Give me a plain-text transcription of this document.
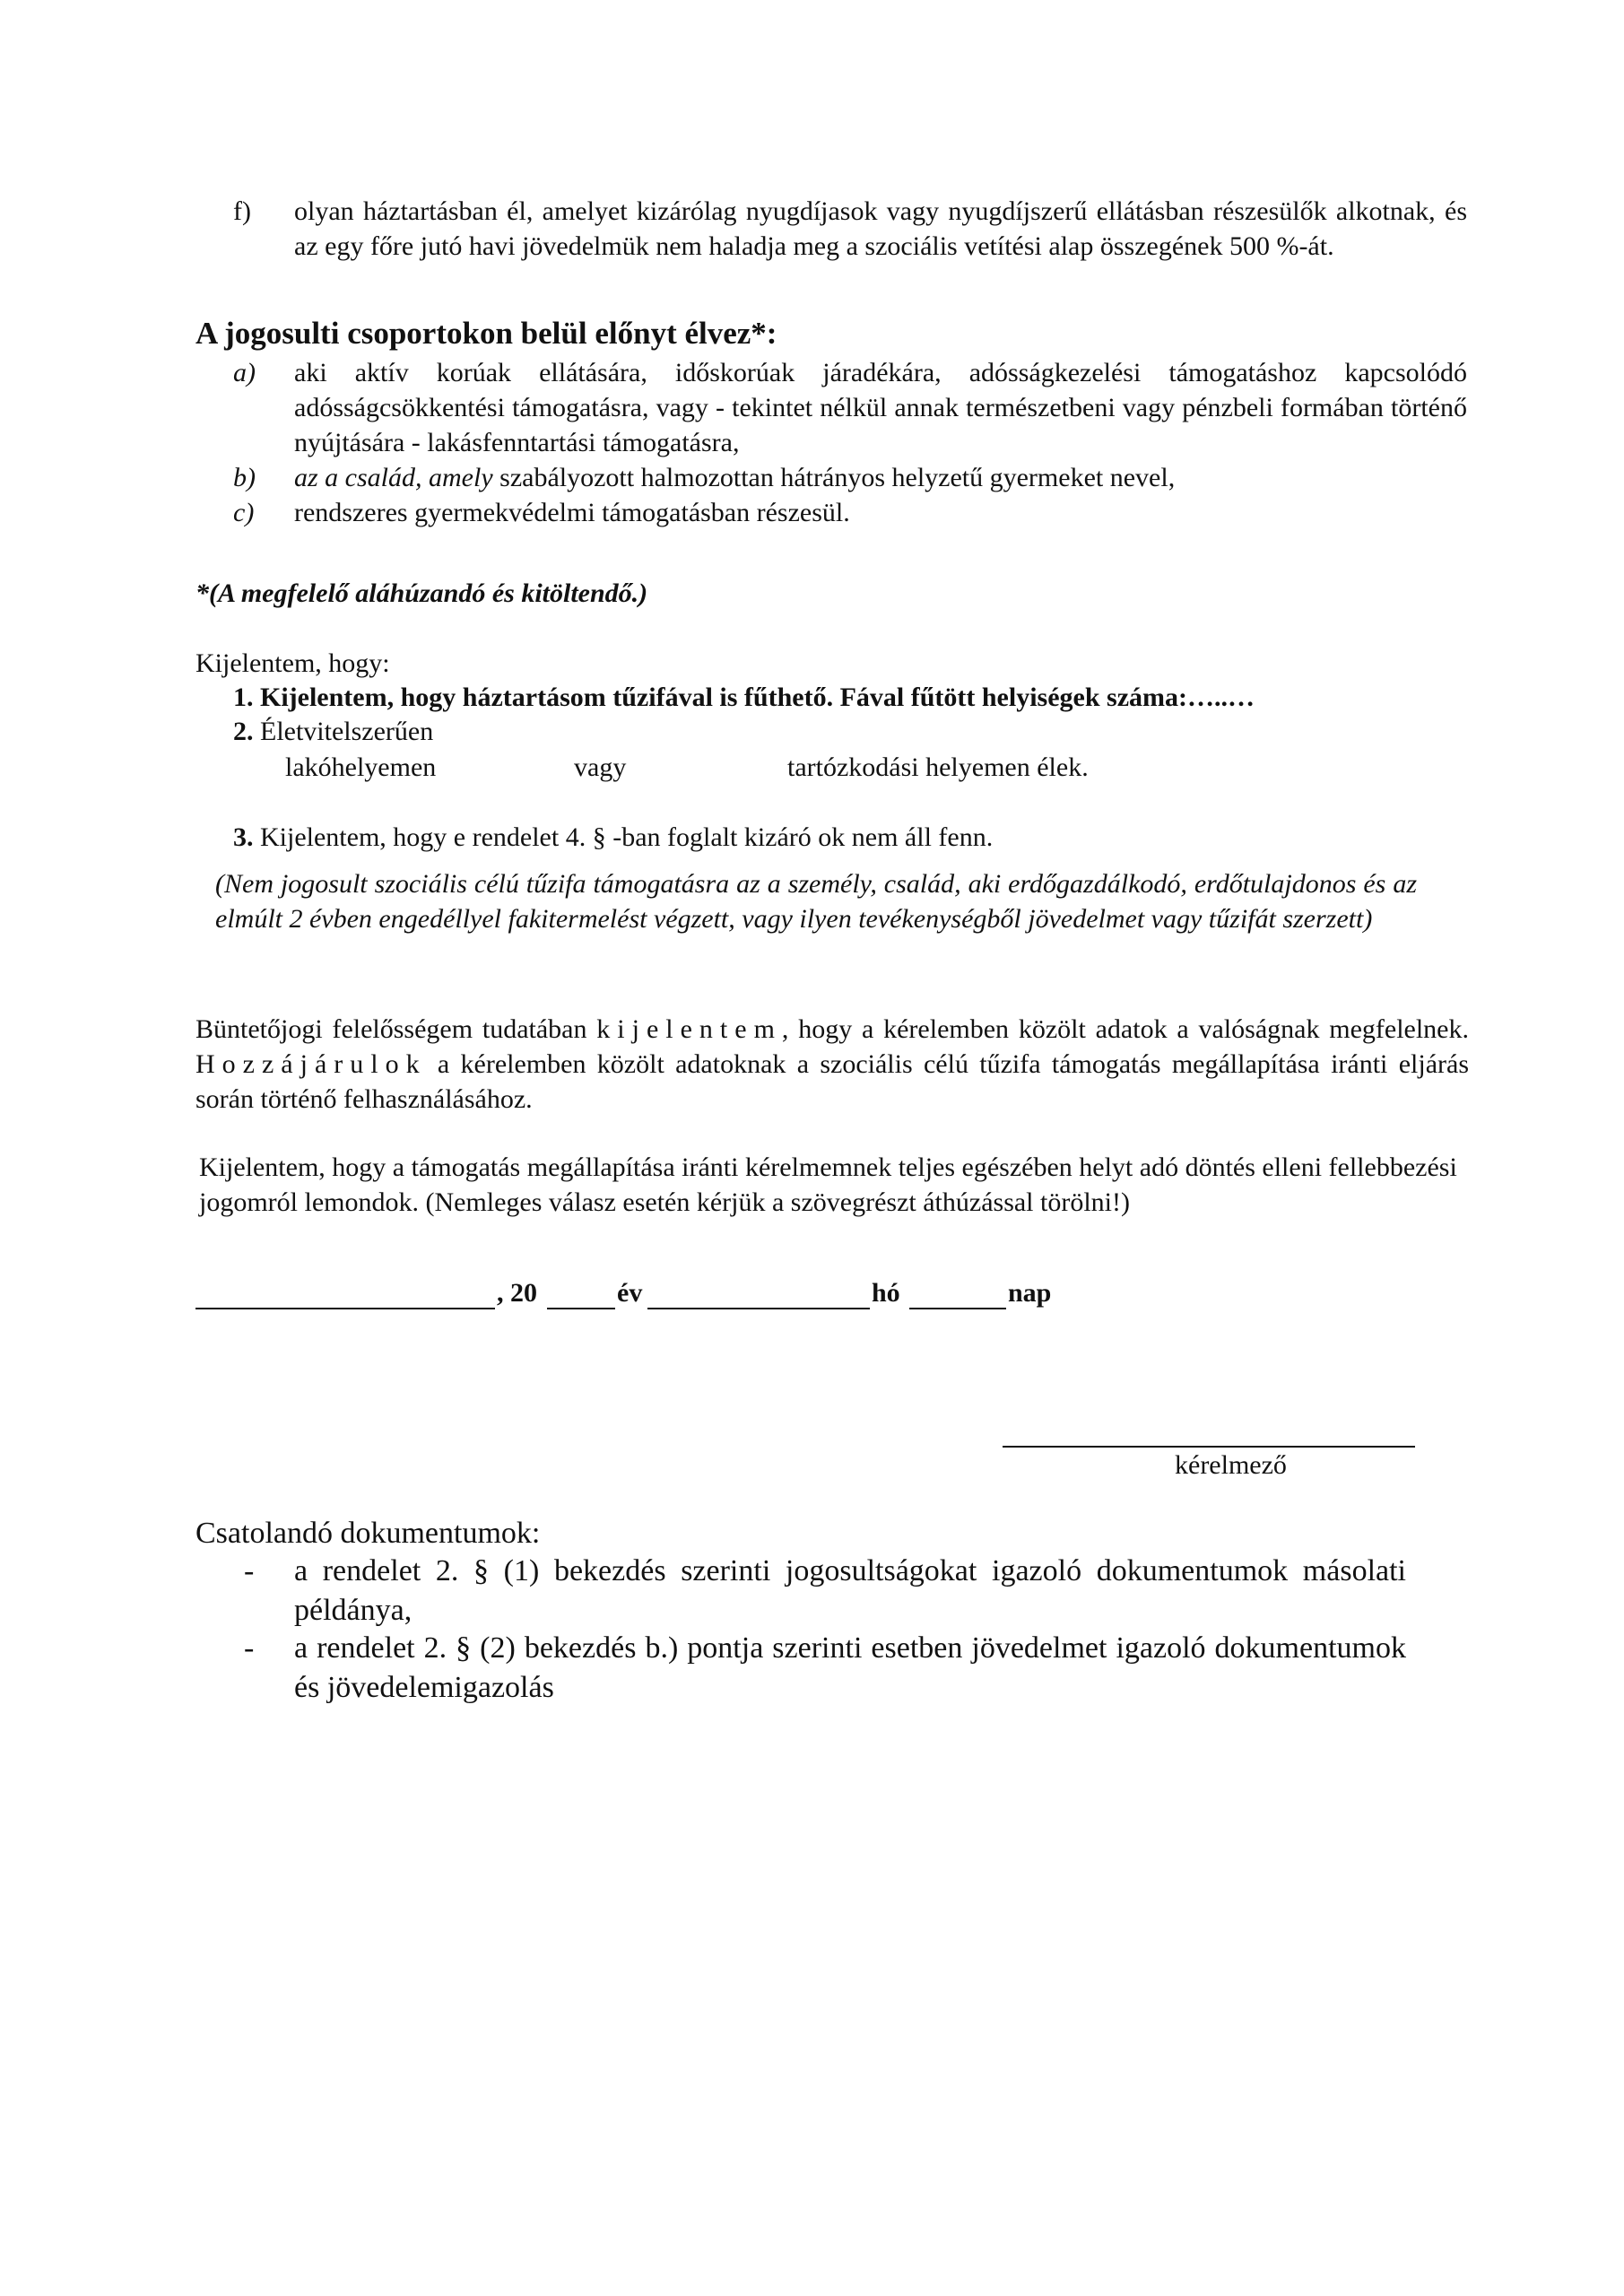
f) olyan háztartásban él, amelyet kizárólag nyugdíjasok vagy nyugdíjszerű ellátásban részesülők alkotnak, és az egy főre jutó havi jövedelmük nem haladja meg a szociális vetítési alap összegének 500 %-át.
A jogosulti csoportokon belül előnyt élvez*:
a) aki aktív korúak ellátására, időskorúak járadékára, adósságkezelési támogatáshoz kapcsolódó adósságcsökkentési támogatásra, vagy - tekintet nélkül annak természetbeni vagy pénzbeli formában történő nyújtására - lakásfenntartási támogatásra,
b) az a család, amely szabályozott halmozottan hátrányos helyzetű gyermeket nevel,
c) rendszeres gyermekvédelmi támogatásban részesül.
*(A megfelelő aláhúzandó és kitöltendő.)
Kijelentem, hogy:
1. Kijelentem, hogy háztartásom tűzifával is fűthető. Fával fűtött helyiségek száma:…..…
2. Életvitelszerűen
lakóhelyemen	vagy	tartózkodási helyemen élek.
3. Kijelentem, hogy e rendelet 4. § -ban foglalt kizáró ok nem áll fenn.
(Nem jogosult szociális célú tűzifa támogatásra az a személy, család, aki erdőgazdálkodó, erdőtulajdonos és az elmúlt 2 évben engedéllyel fakitermelést végzett, vagy ilyen tevékenységből jövedelmet vagy tűzifát szerzett)
Büntetőjogi felelősségem tudatában kijelentem, hogy a kérelemben közölt adatok a valóságnak megfelelnek. Hozzájárulok a kérelemben közölt adatoknak a szociális célú tűzifa támogatás megállapítása iránti eljárás során történő felhasználásához.
Kijelentem, hogy a támogatás megállapítása iránti kérelmemnek teljes egészében helyt adó döntés elleni fellebbezési jogomról lemondok. (Nemleges válasz esetén kérjük a szövegrészt áthúzással törölni!)
, 20	év	hó	nap
kérelmező
Csatolandó dokumentumok:
- a rendelet 2. § (1) bekezdés szerinti jogosultságokat igazoló dokumentumok másolati példánya,
- a rendelet 2. § (2) bekezdés b.) pontja szerinti esetben jövedelmet igazoló dokumentumok és jövedelemigazolás
